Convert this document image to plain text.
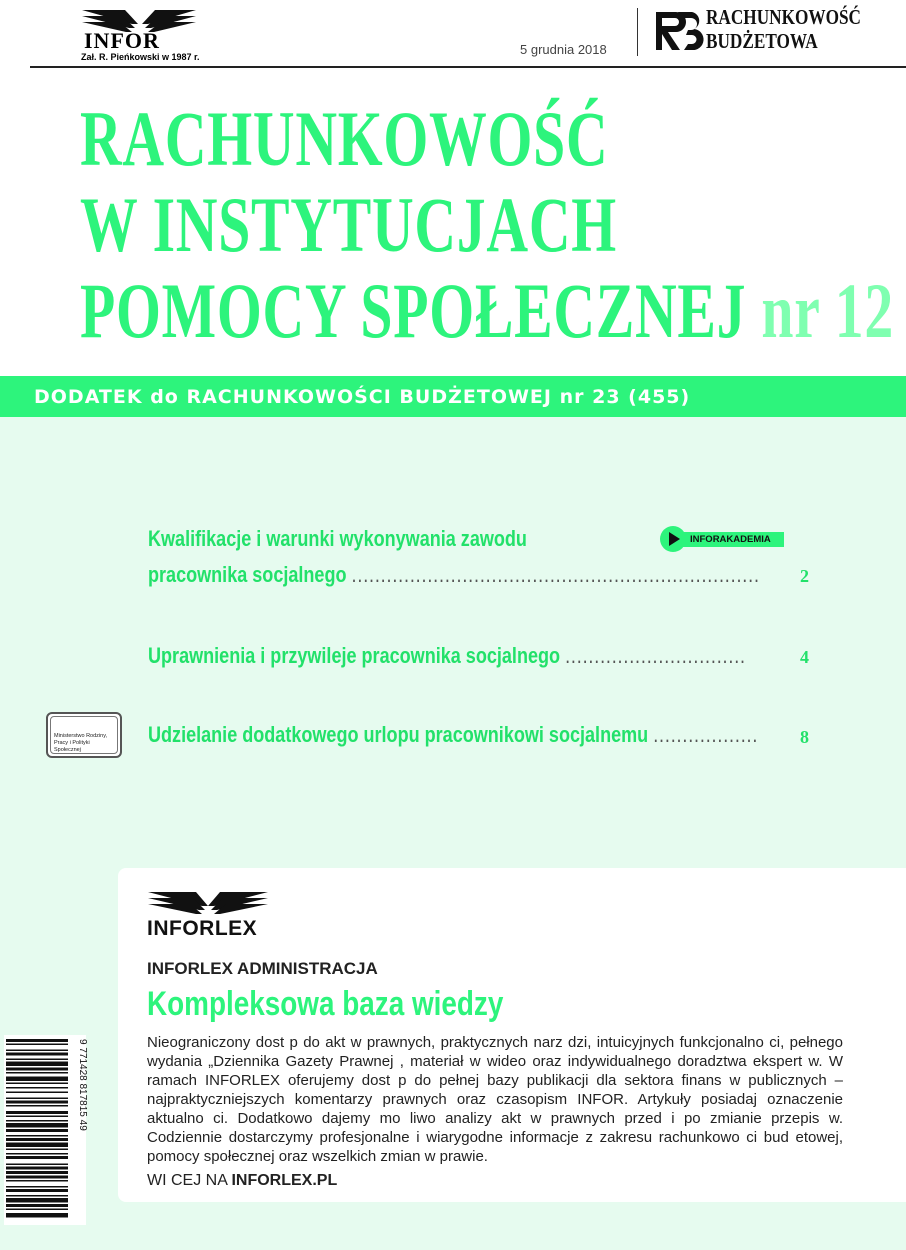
INFOR
Zał. R. Pieńkowski w 1987 r.	5 grudnia 2018
RACHUNKOWOŚĆ
BUDŻETOWA
RACHUNKOWOŚĆ
W INSTYTUCJACH
POMOCY SPOŁECZNEJ nr 12
DODATEK do RACHUNKOWOŚCI BUDŻETOWEJ nr 23 (455)
Kwalifikacje i warunki wykonywania zawodu
pracownika socjalnego ...................................................................... 2
INFORAKADEMIA
Uprawnienia i przywileje pracownika socjalnego ...............................	4
Ministerstwo Rodziny, Pracy i Polityki Społecznej
Udzielanie dodatkowego urlopu pracownikowi socjalnemu .................. 8
9 771428 817815 49
INFORLEX
INFORLEX ADMINISTRACJA
Kompleksowa baza wiedzy
Nieograniczony dost p do akt w prawnych, praktycznych narz dzi, intuicyjnych funkcjonalno ci, pełnego wydania „Dziennika Gazety Prawnej , materiał w wideo oraz indywidualnego doradztwa ekspert w. W ramach INFORLEX oferujemy dost p do pełnej bazy publikacji dla sektora finans w publicznych – najpraktyczniejszych komentarzy prawnych oraz czasopism INFOR. Artykuły posiadaj oznaczenie aktualno ci. Dodatkowo dajemy mo liwo analizy akt w prawnych przed i po zmianie przepis w. Codziennie dostarczymy profesjonalne i wiarygodne informacje z zakresu rachunkowo ci bud etowej, pomocy społecznej oraz wszelkich zmian w prawie.
WI CEJ NA INFORLEX.PL
